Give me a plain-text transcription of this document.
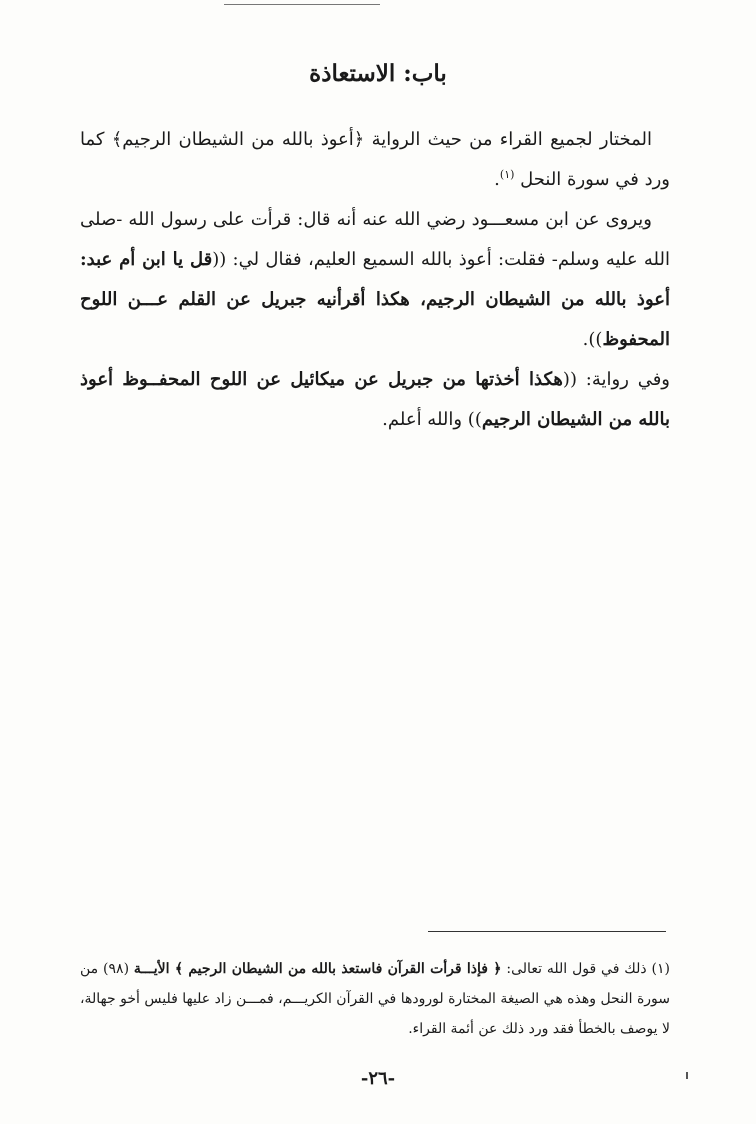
باب: الاستعاذة

المختار لجميع القراء من حيث الرواية ﴿أعوذ بالله من الشيطان الرجيم﴾ كما ورد في سورة النحل $^{(١)}$.

ويروى عن ابن مسعـــود رضي الله عنه أنه قال: قرأت على رسول الله -صلى الله عليه وسلم- فقلت: أعوذ بالله السميع العليم، فقال لي: ((قل يا ابن أم عبد: أعوذ بالله من الشيطان الرجيم، هكذا أقرأنيه جبريل عن القلم عـــن اللوح المحفوظ)).

وفي رواية: ((هكذا أخذتها من جبريل عن ميكائيل عن اللوح المحفــوظ أعوذ بالله من الشيطان الرجيم)) والله أعلم.

(١) ذلك في قول الله تعالى: ﴿ فإذا قرأت القرآن فاستعذ بالله من الشيطان الرجيم ﴾ الأيـــة (٩٨) من سورة النحل وهذه هي الصيغة المختارة لورودها في القرآن الكريـــم، فمـــن زاد عليها فليس أخو جهالة، لا يوصف بالخطأ فقد ورد ذلك عن أئمة القراء.

-٢٦-
